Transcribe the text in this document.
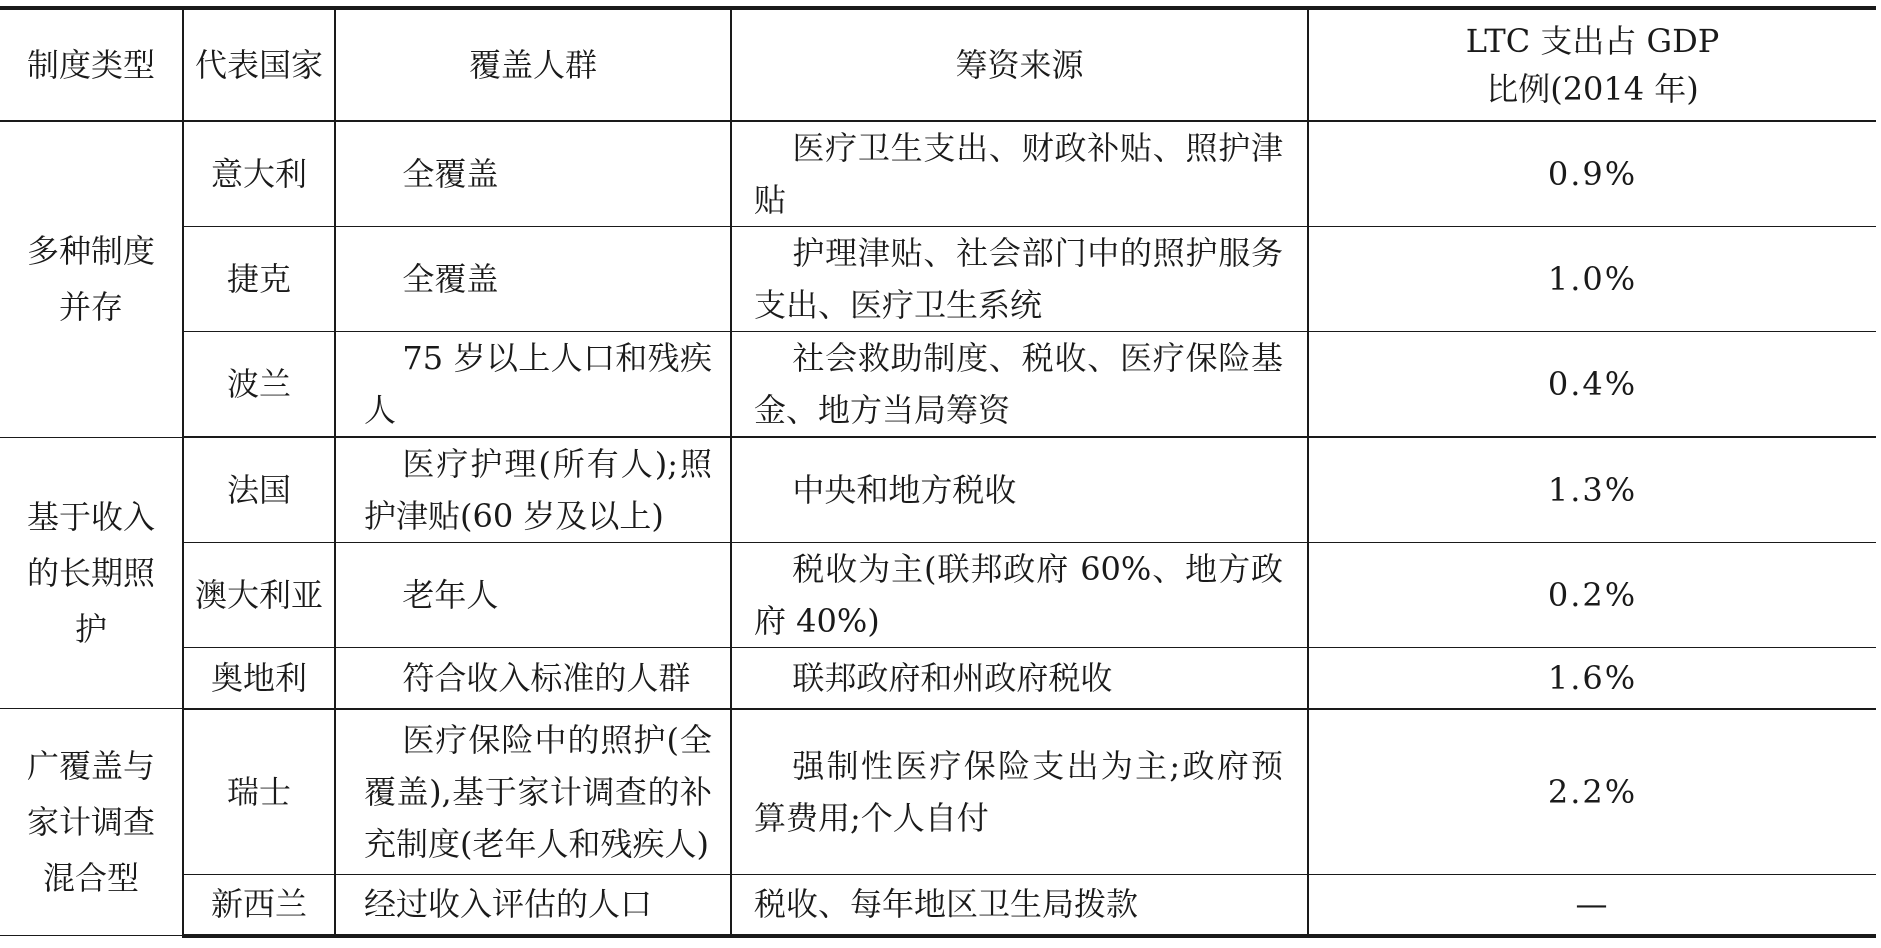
制度类型	代表国家	覆盖人群	筹资来源	LTC 支出占 GDP
比例(2014 年)
多种制度并存	意大利	全覆盖	医疗卫生支出、财政补贴、照护津贴	0.9%
	捷克	全覆盖	护理津贴、社会部门中的照护服务支出、医疗卫生系统	1.0%
	波兰	75 岁以上人口和残疾人	社会救助制度、税收、医疗保险基金、地方当局筹资	0.4%
基于收入的长期照护	法国	医疗护理(所有人);照护津贴(60 岁及以上)	中央和地方税收	1.3%
	澳大利亚	老年人	税收为主(联邦政府 60%、地方政府 40%)	0.2%
	奥地利	符合收入标准的人群	联邦政府和州政府税收	1.6%
广覆盖与家计调查混合型	瑞士	医疗保险中的照护(全覆盖),基于家计调查的补充制度(老年人和残疾人)	强制性医疗保险支出为主;政府预算费用;个人自付	2.2%
	新西兰	经过收入评估的人口	税收、每年地区卫生局拨款	—
